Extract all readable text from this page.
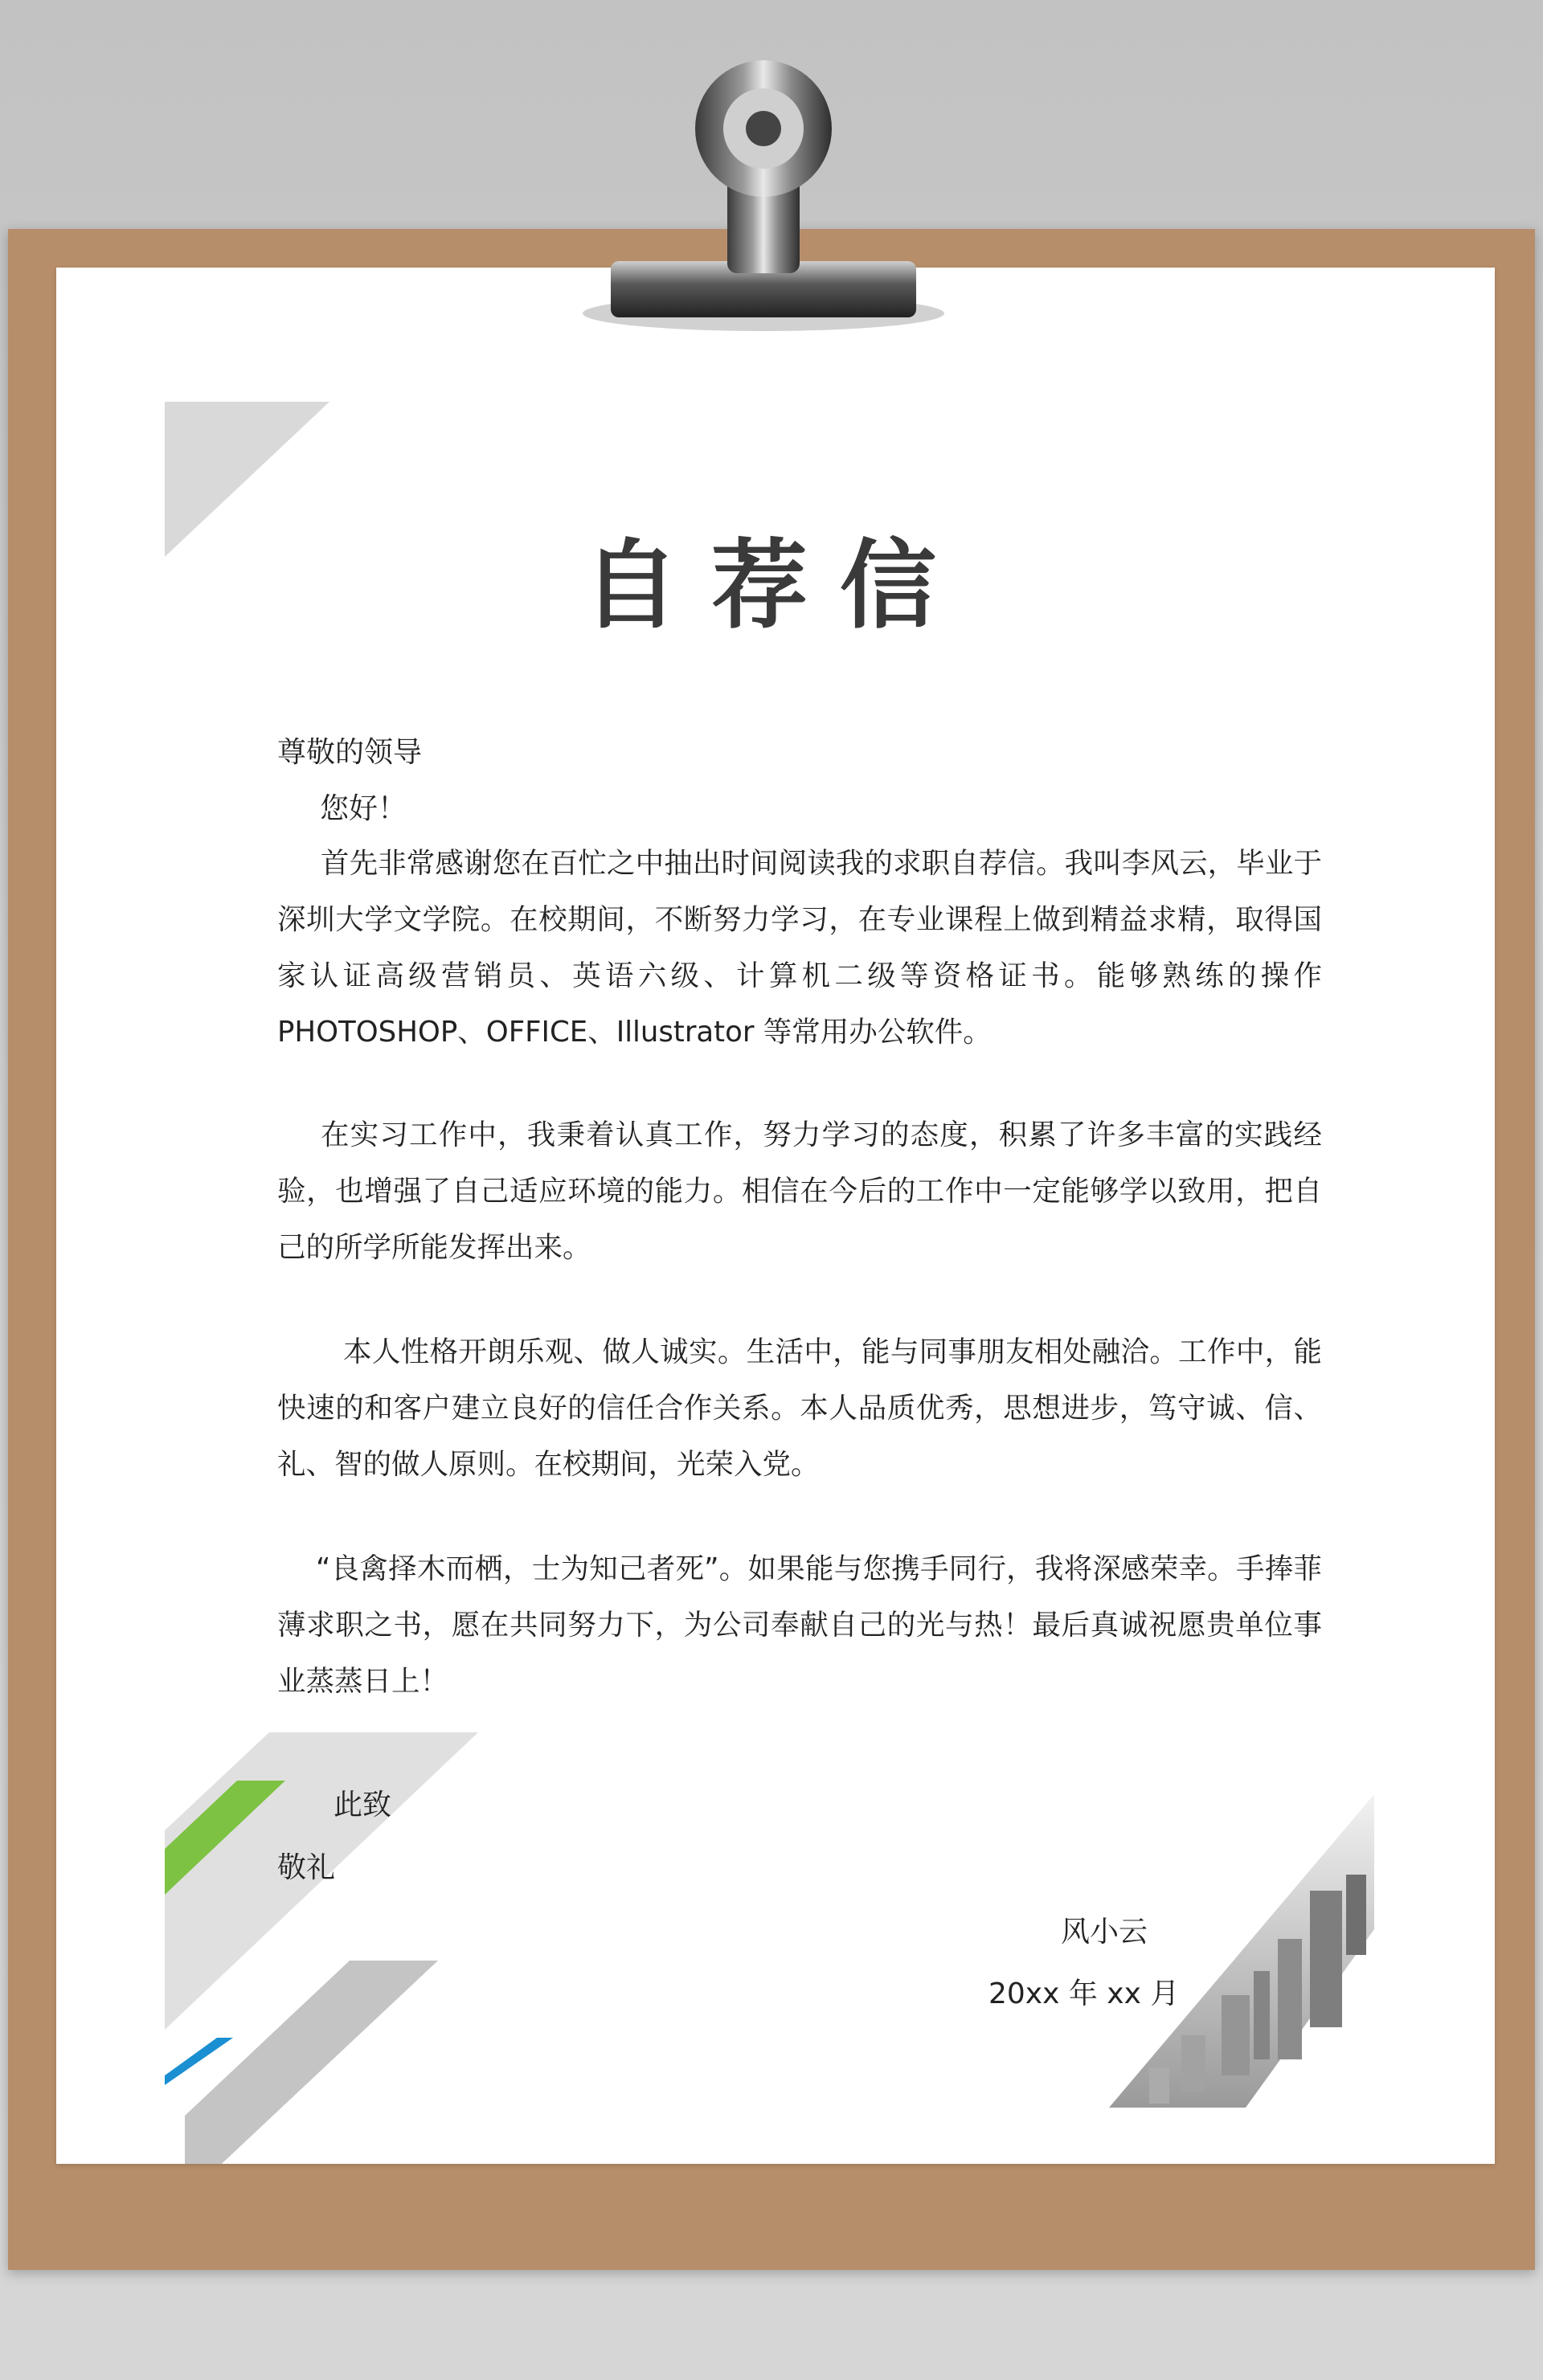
自荐信
尊敬的领导
您好！
首先非常感谢您在百忙之中抽出时间阅读我的求职自荐信。我叫李风云，毕业于深圳大学文学院。在校期间，不断努力学习，在专业课程上做到精益求精，取得国家认证高级营销员、英语六级、计算机二级等资格证书。能够熟练的操作PHOTOSHOP、OFFICE、Illustrator 等常用办公软件。
在实习工作中，我秉着认真工作，努力学习的态度，积累了许多丰富的实践经验，也增强了自己适应环境的能力。相信在今后的工作中一定能够学以致用，把自己的所学所能发挥出来。
本人性格开朗乐观、做人诚实。生活中，能与同事朋友相处融洽。工作中，能快速的和客户建立良好的信任合作关系。本人品质优秀，思想进步，笃守诚、信、礼、智的做人原则。在校期间，光荣入党。
“良禽择木而栖，士为知己者死”。如果能与您携手同行，我将深感荣幸。手捧菲薄求职之书，愿在共同努力下，为公司奉献自己的光与热！最后真诚祝愿贵单位事业蒸蒸日上！
此致
敬礼
风小云
20xx 年 xx 月
